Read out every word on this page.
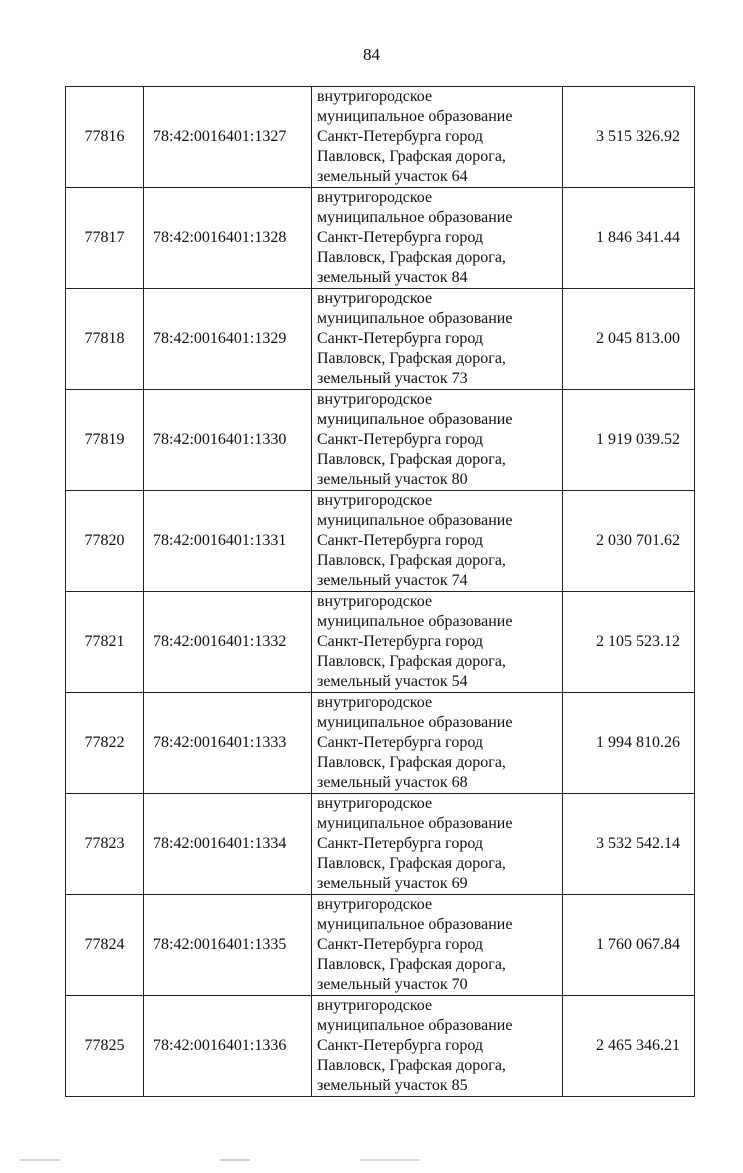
84
77816	78:42:0016401:1327	внутригородское
муниципальное образование
Санкт-Петербурга город
Павловск, Графская дорога,
земельный участок 64	3 515 326.92
77817	78:42:0016401:1328	внутригородское
муниципальное образование
Санкт-Петербурга город
Павловск, Графская дорога,
земельный участок 84	1 846 341.44
77818	78:42:0016401:1329	внутригородское
муниципальное образование
Санкт-Петербурга город
Павловск, Графская дорога,
земельный участок 73	2 045 813.00
77819	78:42:0016401:1330	внутригородское
муниципальное образование
Санкт-Петербурга город
Павловск, Графская дорога,
земельный участок 80	1 919 039.52
77820	78:42:0016401:1331	внутригородское
муниципальное образование
Санкт-Петербурга город
Павловск, Графская дорога,
земельный участок 74	2 030 701.62
77821	78:42:0016401:1332	внутригородское
муниципальное образование
Санкт-Петербурга город
Павловск, Графская дорога,
земельный участок 54	2 105 523.12
77822	78:42:0016401:1333	внутригородское
муниципальное образование
Санкт-Петербурга город
Павловск, Графская дорога,
земельный участок 68	1 994 810.26
77823	78:42:0016401:1334	внутригородское
муниципальное образование
Санкт-Петербурга город
Павловск, Графская дорога,
земельный участок 69	3 532 542.14
77824	78:42:0016401:1335	внутригородское
муниципальное образование
Санкт-Петербурга город
Павловск, Графская дорога,
земельный участок 70	1 760 067.84
77825	78:42:0016401:1336	внутригородское
муниципальное образование
Санкт-Петербурга город
Павловск, Графская дорога,
земельный участок 85	2 465 346.21
